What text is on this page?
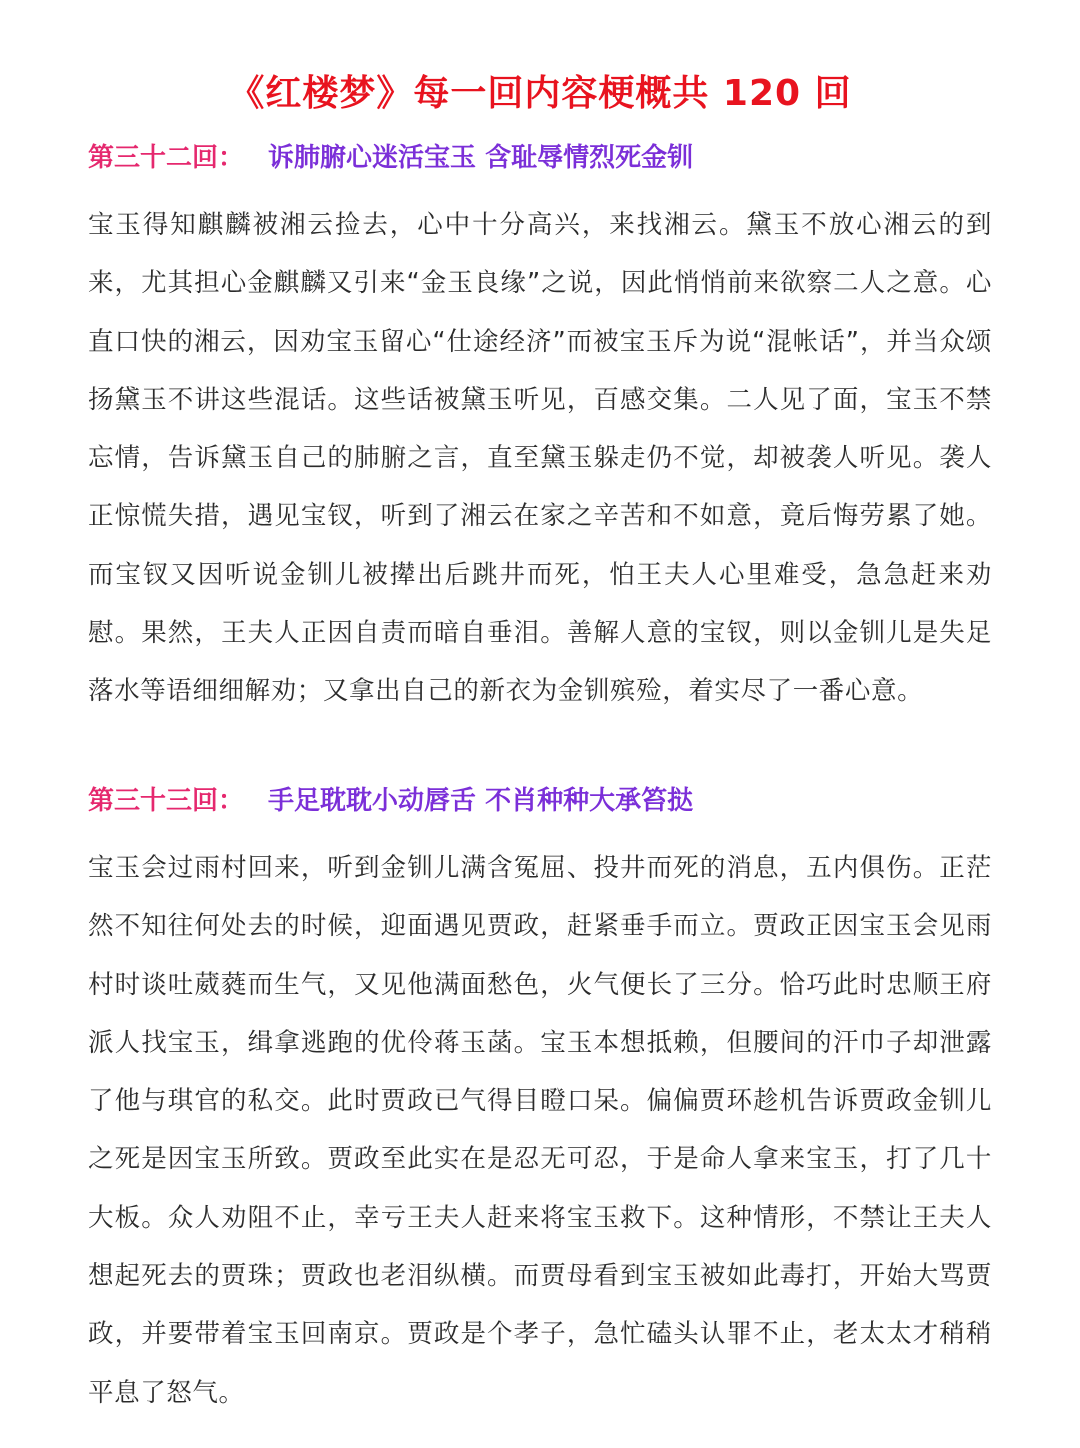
《红楼梦》每一回内容梗概共 120 回
第三十二回： 诉肺腑心迷活宝玉 含耻辱情烈死金钏

宝玉得知麒麟被湘云捡去，心中十分高兴，来找湘云。黛玉不放心湘云的到来，尤其担心金麒麟又引来“金玉良缘”之说，因此悄悄前来欲察二人之意。心直口快的湘云，因劝宝玉留心“仕途经济”而被宝玉斥为说“混帐话”，并当众颂扬黛玉不讲这些混话。这些话被黛玉听见，百感交集。二人见了面，宝玉不禁忘情，告诉黛玉自己的肺腑之言，直至黛玉躲走仍不觉，却被袭人听见。袭人正惊慌失措，遇见宝钗，听到了湘云在家之辛苦和不如意，竟后悔劳累了她。而宝钗又因听说金钏儿被撵出后跳井而死，怕王夫人心里难受，急急赶来劝慰。果然，王夫人正因自责而暗自垂泪。善解人意的宝钗，则以金钏儿是失足落水等语细细解劝；又拿出自己的新衣为金钏殡殓，着实尽了一番心意。

第三十三回： 手足耽耽小动唇舌 不肖种种大承笞挞

宝玉会过雨村回来，听到金钏儿满含冤屈、投井而死的消息，五内俱伤。正茫然不知往何处去的时候，迎面遇见贾政，赶紧垂手而立。贾政正因宝玉会见雨村时谈吐葳蕤而生气，又见他满面愁色，火气便长了三分。恰巧此时忠顺王府派人找宝玉，缉拿逃跑的优伶蒋玉菡。宝玉本想抵赖，但腰间的汗巾子却泄露了他与琪官的私交。此时贾政已气得目瞪口呆。偏偏贾环趁机告诉贾政金钏儿之死是因宝玉所致。贾政至此实在是忍无可忍，于是命人拿来宝玉，打了几十大板。众人劝阻不止，幸亏王夫人赶来将宝玉救下。这种情形，不禁让王夫人想起死去的贾珠；贾政也老泪纵横。而贾母看到宝玉被如此毒打，开始大骂贾政，并要带着宝玉回南京。贾政是个孝子，急忙磕头认罪不止，老太太才稍稍平息了怒气。
